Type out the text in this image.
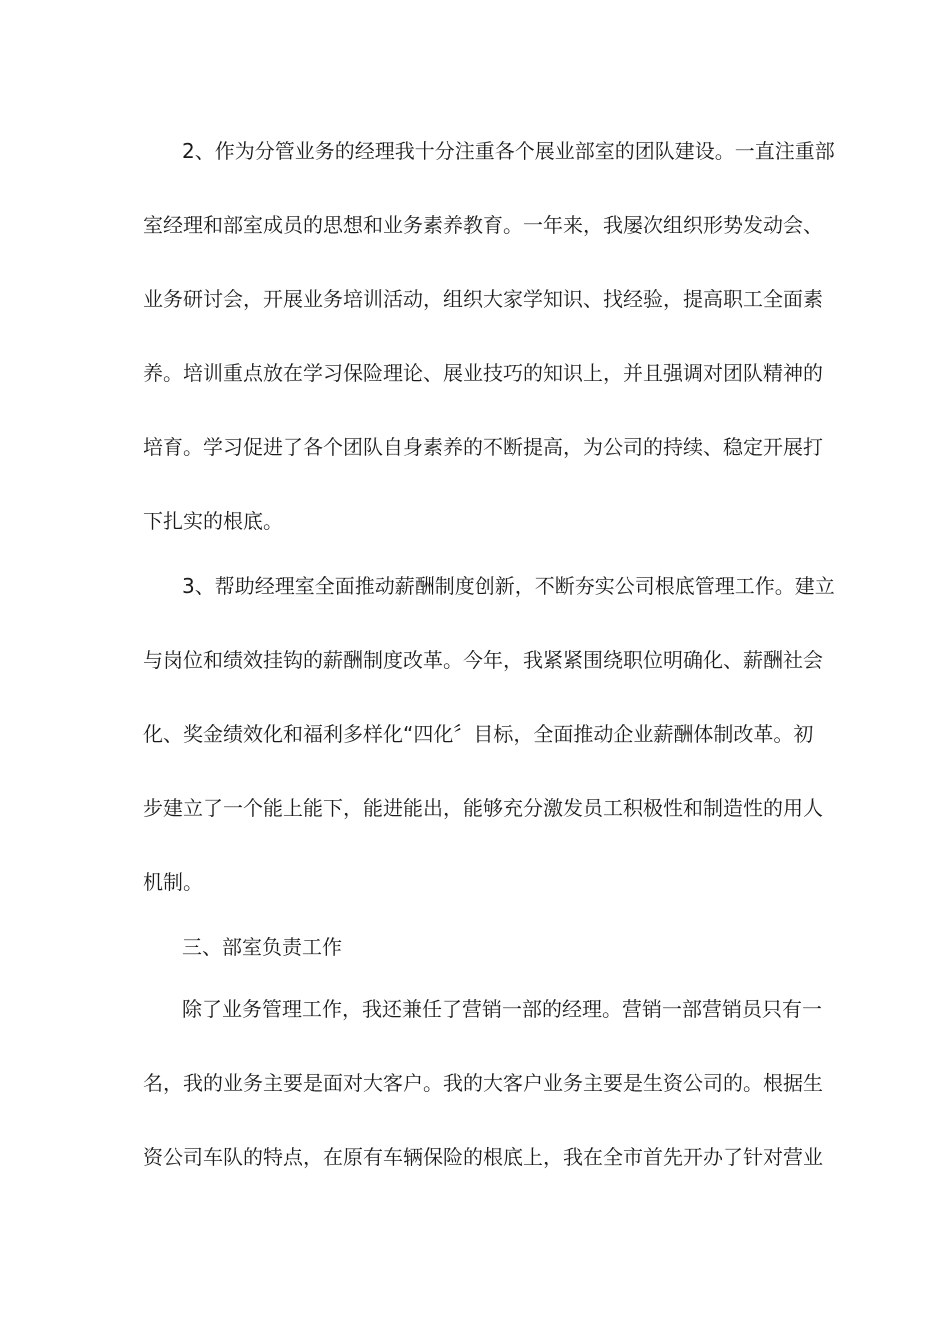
2、作为分管业务的经理我十分注重各个展业部室的团队建设。一直注重部
室经理和部室成员的思想和业务素养教育。一年来，我屡次组织形势发动会、
业务研讨会，开展业务培训活动，组织大家学知识、找经验，提高职工全面素
养。培训重点放在学习保险理论、展业技巧的知识上，并且强调对团队精神的
培育。学习促进了各个团队自身素养的不断提高，为公司的持续、稳定开展打
下扎实的根底。
3、帮助经理室全面推动薪酬制度创新，不断夯实公司根底管理工作。建立
与岗位和绩效挂钩的薪酬制度改革。今年，我紧紧围绕职位明确化、薪酬社会
化、奖金绩效化和福利多样化“四化〞目标，全面推动企业薪酬体制改革。初
步建立了一个能上能下，能进能出，能够充分激发员工积极性和制造性的用人
机制。
三、部室负责工作
除了业务管理工作，我还兼任了营销一部的经理。营销一部营销员只有一
名，我的业务主要是面对大客户。我的大客户业务主要是生资公司的。根据生
资公司车队的特点，在原有车辆保险的根底上，我在全市首先开办了针对营业
